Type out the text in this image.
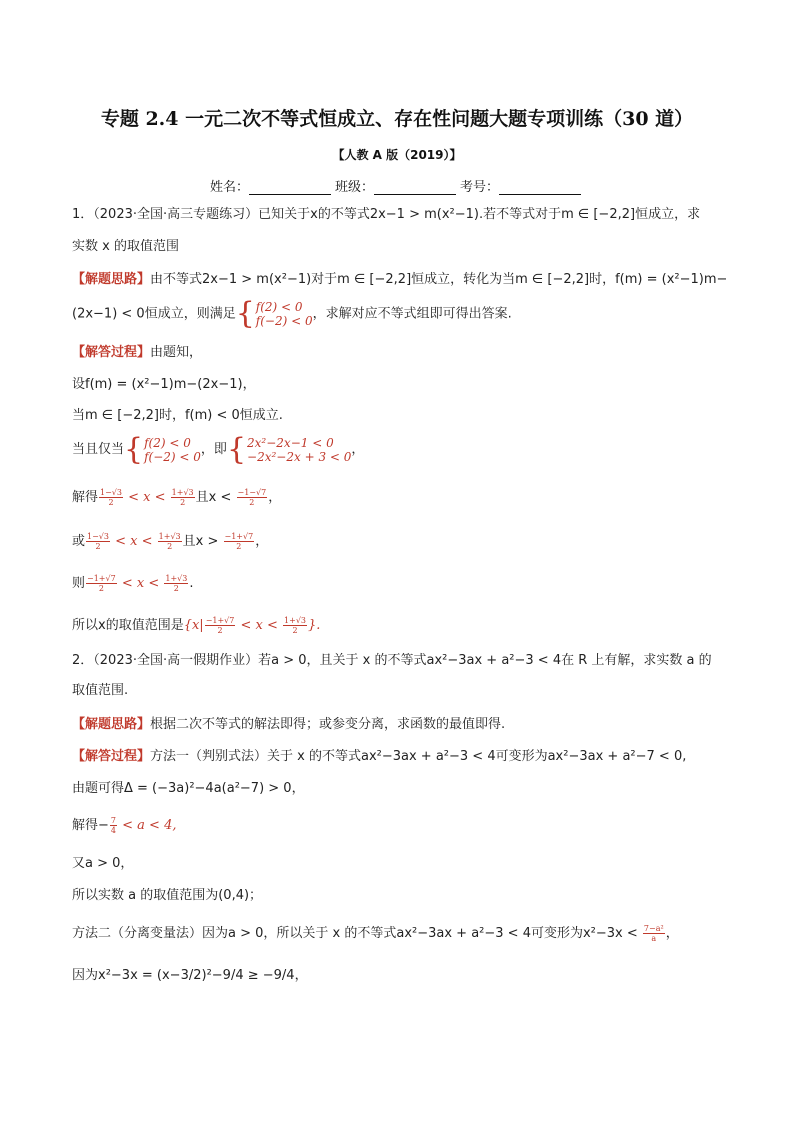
专题 2.4 一元二次不等式恒成立、存在性问题大题专项训练（30 道）
【人教 A 版（2019）】
姓名：	班级：	考号：
1．（2023·全国·高三专题练习）已知关于x的不等式2x−1 > m(x²−1).若不等式对于m ∈ [−2,2]恒成立，求
实数 x 的取值范围
【解题思路】由不等式2x−1 > m(x²−1)对于m ∈ [−2,2]恒成立，转化为当m ∈ [−2,2]时，f(m) = (x²−1)m−
(2x−1) < 0恒成立，则满足 { f(2) < 0
f(−2) < 0 ，求解对应不等式组即可得出答案.
【解答过程】由题知，
设f(m) = (x²−1)m−(2x−1)，
当m ∈ [−2,2]时，f(m) < 0恒成立.
当且仅当 { f(2) < 0
f(−2) < 0 ，即 { 2x²−2x−1 < 0
−2x²−2x + 3 < 0 ，
解得 $\frac{1-√3}{2} < x < \frac{1+√3}{2}$ 且$x < \frac{-1-√7}{2}$ ，
或 $\frac{1-√3}{2} < x < \frac{1+√3}{2}$ 且$x > \frac{-1+√7}{2}$ ，
则 $\frac{-1+√7}{2} < x < \frac{1+√3}{2}$ .
所以x的取值范围是{$x| \frac{-1+√7}{2} < x < \frac{1+√3}{2}$ }.
2．（2023·全国·高一假期作业）若a > 0，且关于 x 的不等式ax²−3ax + a²−3 < 4在 R 上有解，求实数 a 的
取值范围.
【解题思路】根据二次不等式的解法即得；或参变分离，求函数的最值即得.
【解答过程】方法一（判别式法）关于 x 的不等式ax²−3ax + a²−3 < 4可变形为ax²−3ax + a²−7 < 0,
由题可得Δ = (−3a)²−4a(a²−7) > 0，
解得− $\frac{7}{4} < a < 4$,
又a > 0，
所以实数 a 的取值范围为(0,4)；
方法二（分离变量法）因为a > 0，所以关于 x 的不等式ax²−3ax + a²−3 < 4可变形为$x^2-3x < \frac{\text{7−a²}}{a}$ ，
因为x²−3x = (x−3/2)²−9/4 ≥ −9/4，
